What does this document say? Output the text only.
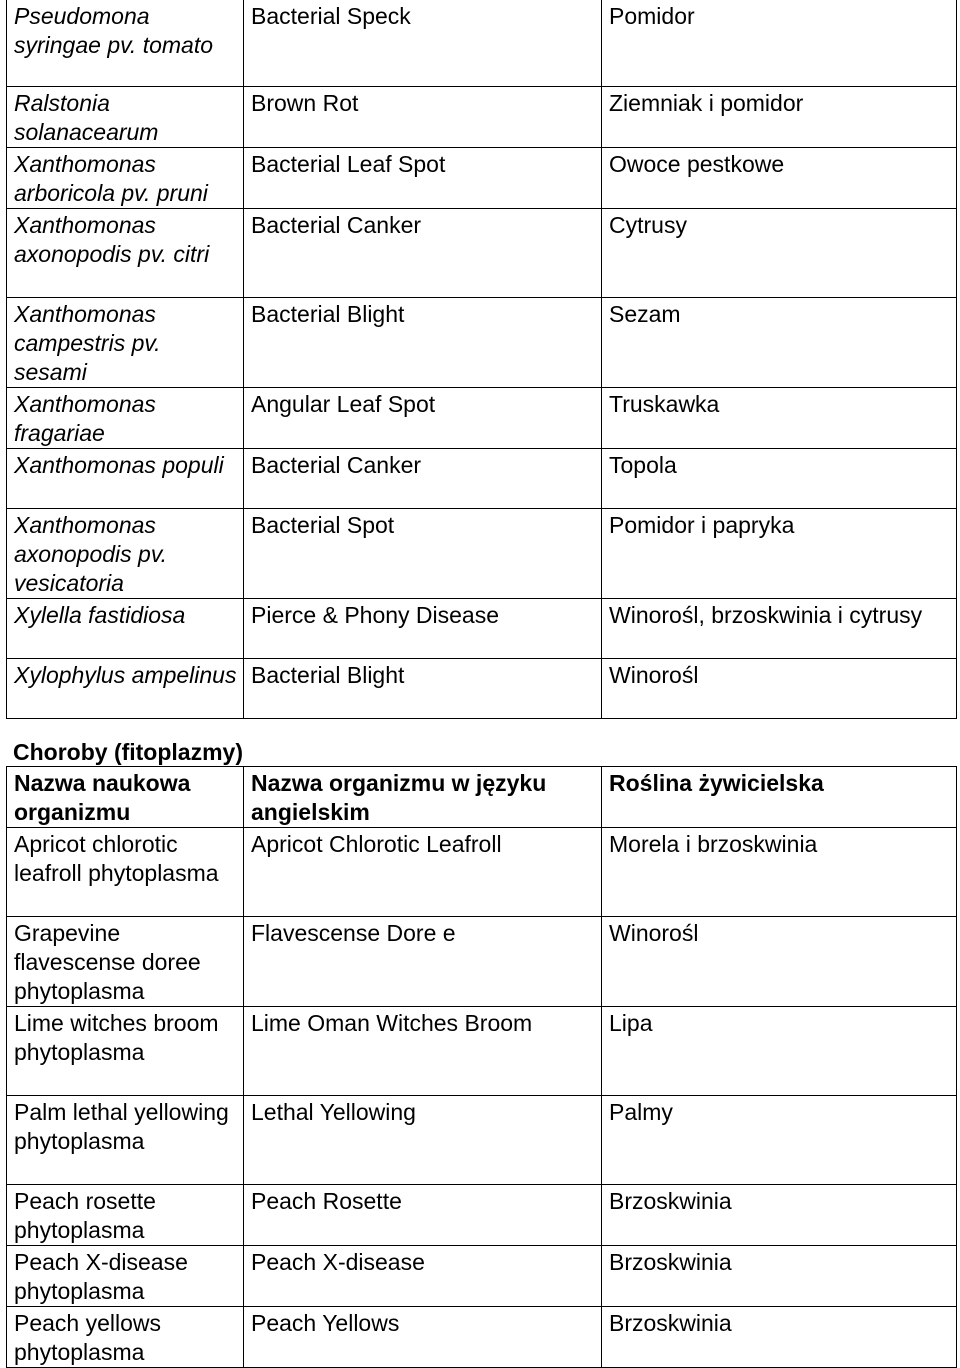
Pseudomona syringae pv. tomato	Bacterial Speck	Pomidor
Ralstonia solanacearum	Brown Rot	Ziemniak i pomidor
Xanthomonas arboricola pv. pruni	Bacterial Leaf Spot	Owoce pestkowe
Xanthomonas axonopodis pv. citri	Bacterial Canker	Cytrusy
Xanthomonas campestris pv. sesami	Bacterial Blight	Sezam
Xanthomonas fragariae	Angular Leaf Spot	Truskawka
Xanthomonas populi	Bacterial Canker	Topola
Xanthomonas axonopodis pv. vesicatoria	Bacterial Spot	Pomidor i papryka
Xylella fastidiosa	Pierce & Phony Disease	Winorośl, brzoskwinia i cytrusy
Xylophylus ampelinus	Bacterial Blight	Winorośl

Choroby (fitoplazmy)

Nazwa naukowa organizmu	Nazwa organizmu w języku angielskim	Roślina żywicielska
Apricot chlorotic leafroll phytoplasma	Apricot Chlorotic Leafroll	Morela i brzoskwinia
Grapevine flavescense doree phytoplasma	Flavescense Dore e	Winorośl
Lime witches broom phytoplasma	Lime Oman Witches Broom	Lipa
Palm lethal yellowing phytoplasma	Lethal Yellowing	Palmy
Peach rosette phytoplasma	Peach Rosette	Brzoskwinia
Peach X-disease phytoplasma	Peach X-disease	Brzoskwinia
Peach yellows phytoplasma	Peach Yellows	Brzoskwinia
